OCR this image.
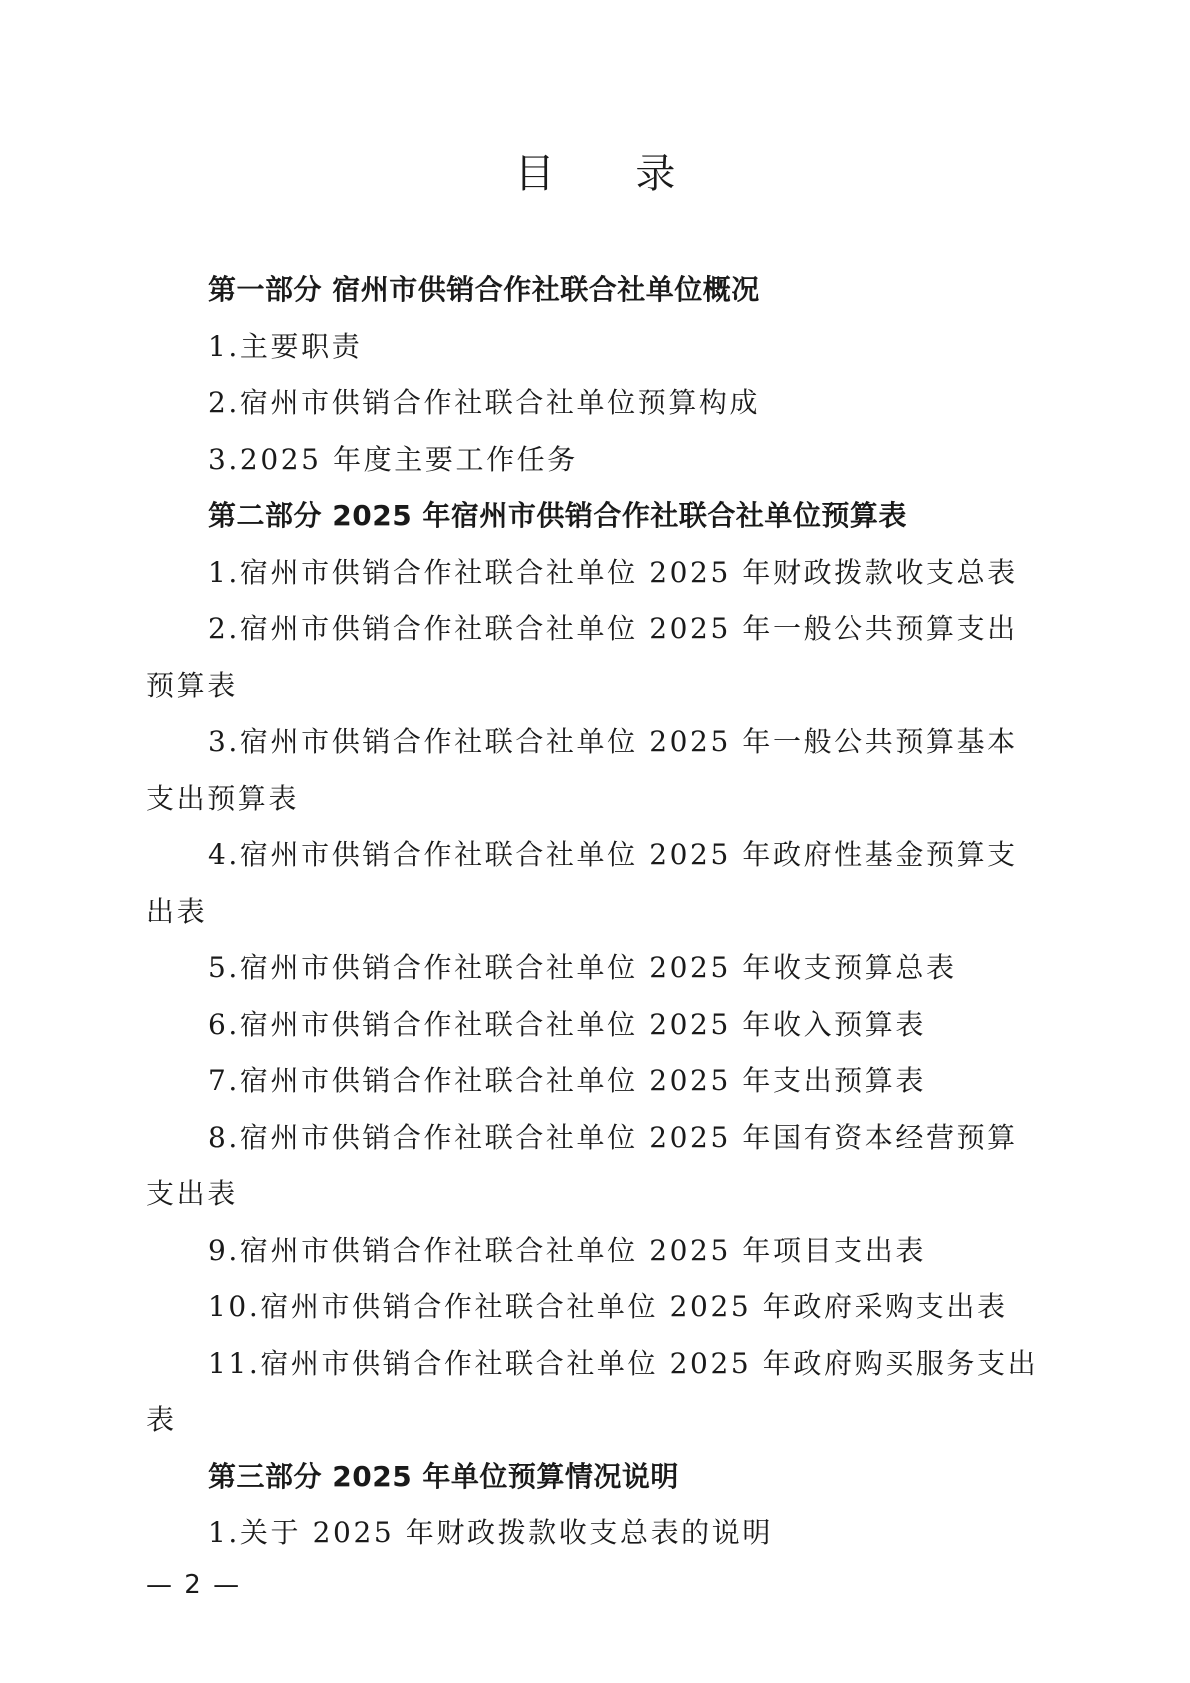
目 录
第一部分 宿州市供销合作社联合社单位概况
1.主要职责
2.宿州市供销合作社联合社单位预算构成
3.2025 年度主要工作任务
第二部分 2025 年宿州市供销合作社联合社单位预算表
1.宿州市供销合作社联合社单位 2025 年财政拨款收支总表
2.宿州市供销合作社联合社单位 2025 年一般公共预算支出
预算表
3.宿州市供销合作社联合社单位 2025 年一般公共预算基本
支出预算表
4.宿州市供销合作社联合社单位 2025 年政府性基金预算支
出表
5.宿州市供销合作社联合社单位 2025 年收支预算总表
6.宿州市供销合作社联合社单位 2025 年收入预算表
7.宿州市供销合作社联合社单位 2025 年支出预算表
8.宿州市供销合作社联合社单位 2025 年国有资本经营预算
支出表
9.宿州市供销合作社联合社单位 2025 年项目支出表
10.宿州市供销合作社联合社单位 2025 年政府采购支出表
11.宿州市供销合作社联合社单位 2025 年政府购买服务支出
表
第三部分 2025 年单位预算情况说明
1.关于 2025 年财政拨款收支总表的说明
— 2 —
